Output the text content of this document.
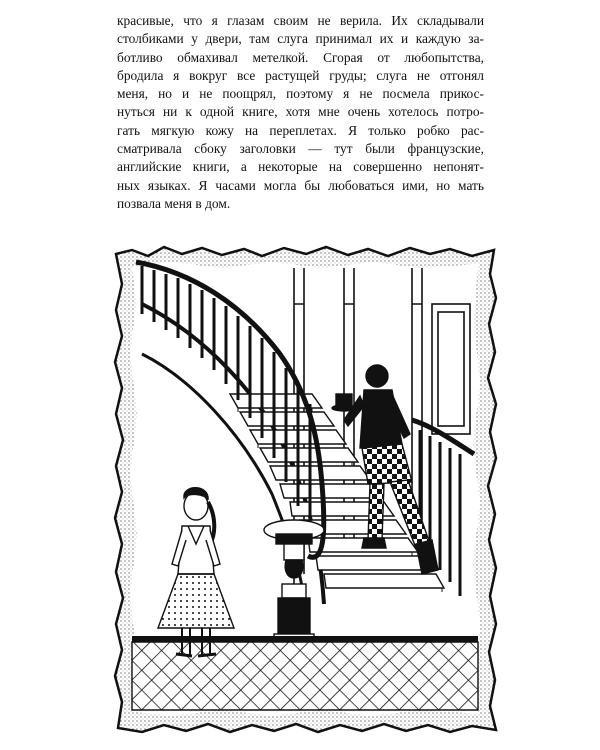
красивые, что я глазам своим не верила. Их складывали
столбиками у двери, там слуга принимал их и каждую за-
ботливо обмахивал метелкой. Сгорая от любопытства,
бродила я вокруг все растущей груды; слуга не отгонял
меня, но и не поощрял, поэтому я не посмела прикос-
нуться ни к одной книге, хотя мне очень хотелось потро-
гать мягкую кожу на переплетах. Я только робко рас-
сматривала сбоку заголовки — тут были французские,
английские книги, а некоторые на совершенно непонят-
ных языках. Я часами могла бы любоваться ими, но мать
позвала меня в дом.
